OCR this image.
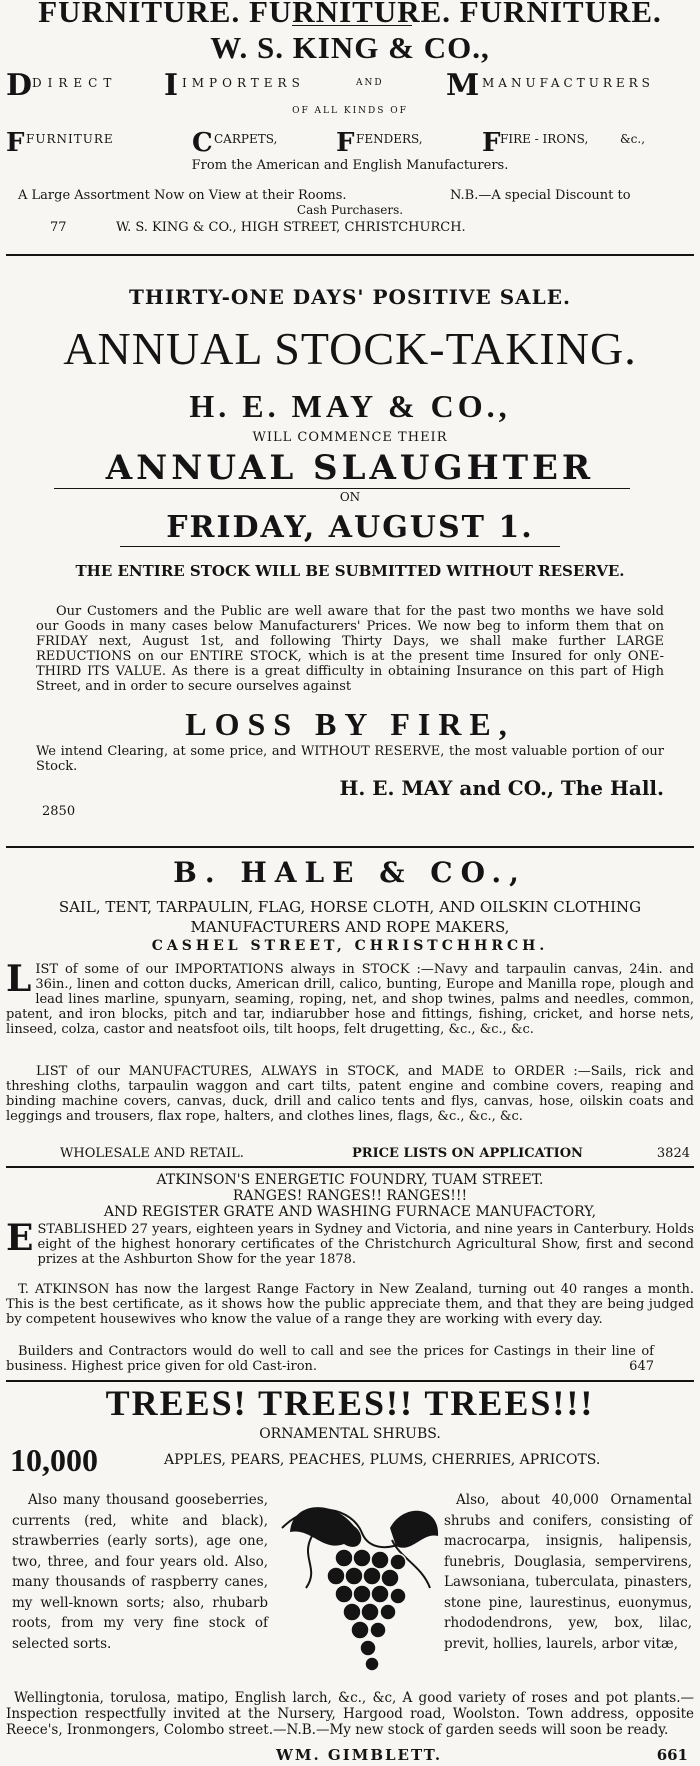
FURNITURE. FURNITURE. FURNITURE.
W. S. KING & CO.,
D DIRECT I IMPORTERS	AND M MANUFACTURERS
OF ALL KINDS OF
F FURNITURE	C CARPETS, F FENDERS, F FIRE - IRONS,	&c.,
From the American and English Manufacturers.
A Large Assortment Now on View at their Rooms.	N.B.—A special Discount to
Cash Purchasers.
77	W. S. KING & CO., HIGH STREET, CHRISTCHURCH.
THIRTY-ONE DAYS' POSITIVE SALE.
ANNUAL STOCK-TAKING.
H. E. MAY & CO.,
WILL COMMENCE THEIR
ANNUAL SLAUGHTER
ON
FRIDAY, AUGUST 1.
THE ENTIRE STOCK WILL BE SUBMITTED WITHOUT RESERVE.

Our Customers and the Public are well aware that for the past two months we have sold our Goods in many cases below Manufacturers' Prices. We now beg to inform them that on FRIDAY next, August 1st, and following Thirty Days, we shall make further LARGE REDUCTIONS on our ENTIRE STOCK, which is at the present time Insured for only ONE-THIRD ITS VALUE. As there is a great difficulty in obtaining Insurance on this part of High Street, and in order to secure ourselves against

LOSS BY FIRE,

We intend Clearing, at some price, and WITHOUT RESERVE, the most valuable portion of our Stock.

H. E. MAY and CO., The Hall.
2850
B. HALE & CO.,
SAIL, TENT, TARPAULIN, FLAG, HORSE CLOTH, AND OILSKIN CLOTHING
MANUFACTURERS AND ROPE MAKERS,
CASHEL STREET, CHRISTCHHRCH.
L IST of some of our IMPORTATIONS always in STOCK :—Navy and tarpaulin canvas, 24in. and 36in., linen and cotton ducks, American drill, calico, bunting, Europe and Manilla rope, plough and lead lines marline, spunyarn, seaming, roping, net, and shop twines, palms and needles, common, patent, and iron blocks, pitch and tar, indiarubber hose and fittings, fishing, cricket, and horse nets, linseed, colza, castor and neatsfoot oils, tilt hoops, felt drugetting, &c., &c., &c.

LIST of our MANUFACTURES, ALWAYS in STOCK, and MADE to ORDER :—Sails, rick and threshing cloths, tarpaulin waggon and cart tilts, patent engine and combine covers, reaping and binding machine covers, canvas, duck, drill and calico tents and flys, canvas, hose, oilskin coats and leggings and trousers, flax rope, halters, and clothes lines, flags, &c., &c., &c.

WHOLESALE AND RETAIL.	PRICE LISTS ON APPLICATION	3824
ATKINSON'S ENERGETIC FOUNDRY, TUAM STREET.
RANGES! RANGES!! RANGES!!!
AND REGISTER GRATE AND WASHING FURNACE MANUFACTORY,
E STABLISHED 27 years, eighteen years in Sydney and Victoria, and nine years in Canterbury. Holds eight of the highest honorary certificates of the Christchurch Agricultural Show, first and second prizes at the Ashburton Show for the year 1878.

T. ATKINSON has now the largest Range Factory in New Zealand, turning out 40 ranges a month. This is the best certificate, as it shows how the public appreciate them, and that they are being judged by competent housewives who know the value of a range they are working with every day.

Builders and Contractors would do well to call and see the prices for Castings in their line of business. Highest price given for old Cast-iron.	647
TREES! TREES!! TREES!!!
ORNAMENTAL SHRUBS.
10,000	APPLES, PEARS, PEACHES, PLUMS, CHERRIES, APRICOTS.

Also many thousand gooseberries, currents (red, white and black), strawberries (early sorts), age one, two, three, and four years old. Also, many thousands of raspberry canes, my well-known sorts; also, rhubarb roots, from my very fine stock of selected sorts.

Also, about 40,000 Ornamental shrubs and conifers, consisting of macrocarpa, insignis, halipensis, funebris, Douglasia, sempervirens, Lawsoniana, tuberculata, pinasters, stone pine, laurestinus, euonymus, rhododendrons, yew, box, lilac, previt, hollies, laurels, arbor vitæ,

Wellingtonia, torulosa, matipo, English larch, &c., &c, A good variety of roses and pot plants.—Inspection respectfully invited at the Nursery, Hargood road, Woolston. Town address, opposite Reece's, Ironmongers, Colombo street.—N.B.—My new stock of garden seeds will soon be ready.

WM. GIMBLETT.	661
